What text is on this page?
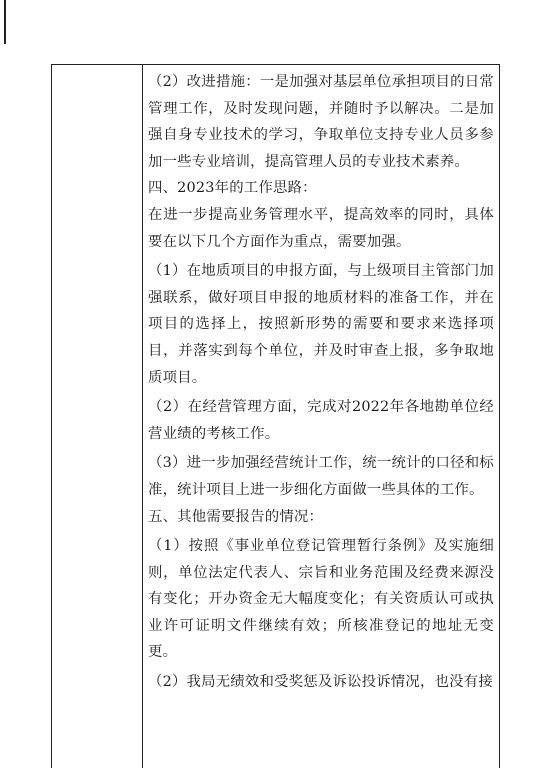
（2）改进措施：一是加强对基层单位承担项目的日常管理工作，及时发现问题，并随时予以解决。二是加强自身专业技术的学习，争取单位支持专业人员多参加一些专业培训，提高管理人员的专业技术素养。

四、2023年的工作思路：

在进一步提高业务管理水平，提高效率的同时，具体要在以下几个方面作为重点，需要加强。

（1）在地质项目的申报方面，与上级项目主管部门加强联系，做好项目申报的地质材料的准备工作，并在项目的选择上，按照新形势的需要和要求来选择项目，并落实到每个单位，并及时审查上报，多争取地质项目。

（2）在经营管理方面，完成对2022年各地勘单位经营业绩的考核工作。

（3）进一步加强经营统计工作，统一统计的口径和标准，统计项目上进一步细化方面做一些具体的工作。

五、其他需要报告的情况：

（1）按照《事业单位登记管理暂行条例》及实施细则，单位法定代表人、宗旨和业务范围及经费来源没有变化；开办资金无大幅度变化；有关资质认可或执业许可证明文件继续有效；所核准登记的地址无变更。

（2）我局无绩效和受奖惩及诉讼投诉情况，也没有接
